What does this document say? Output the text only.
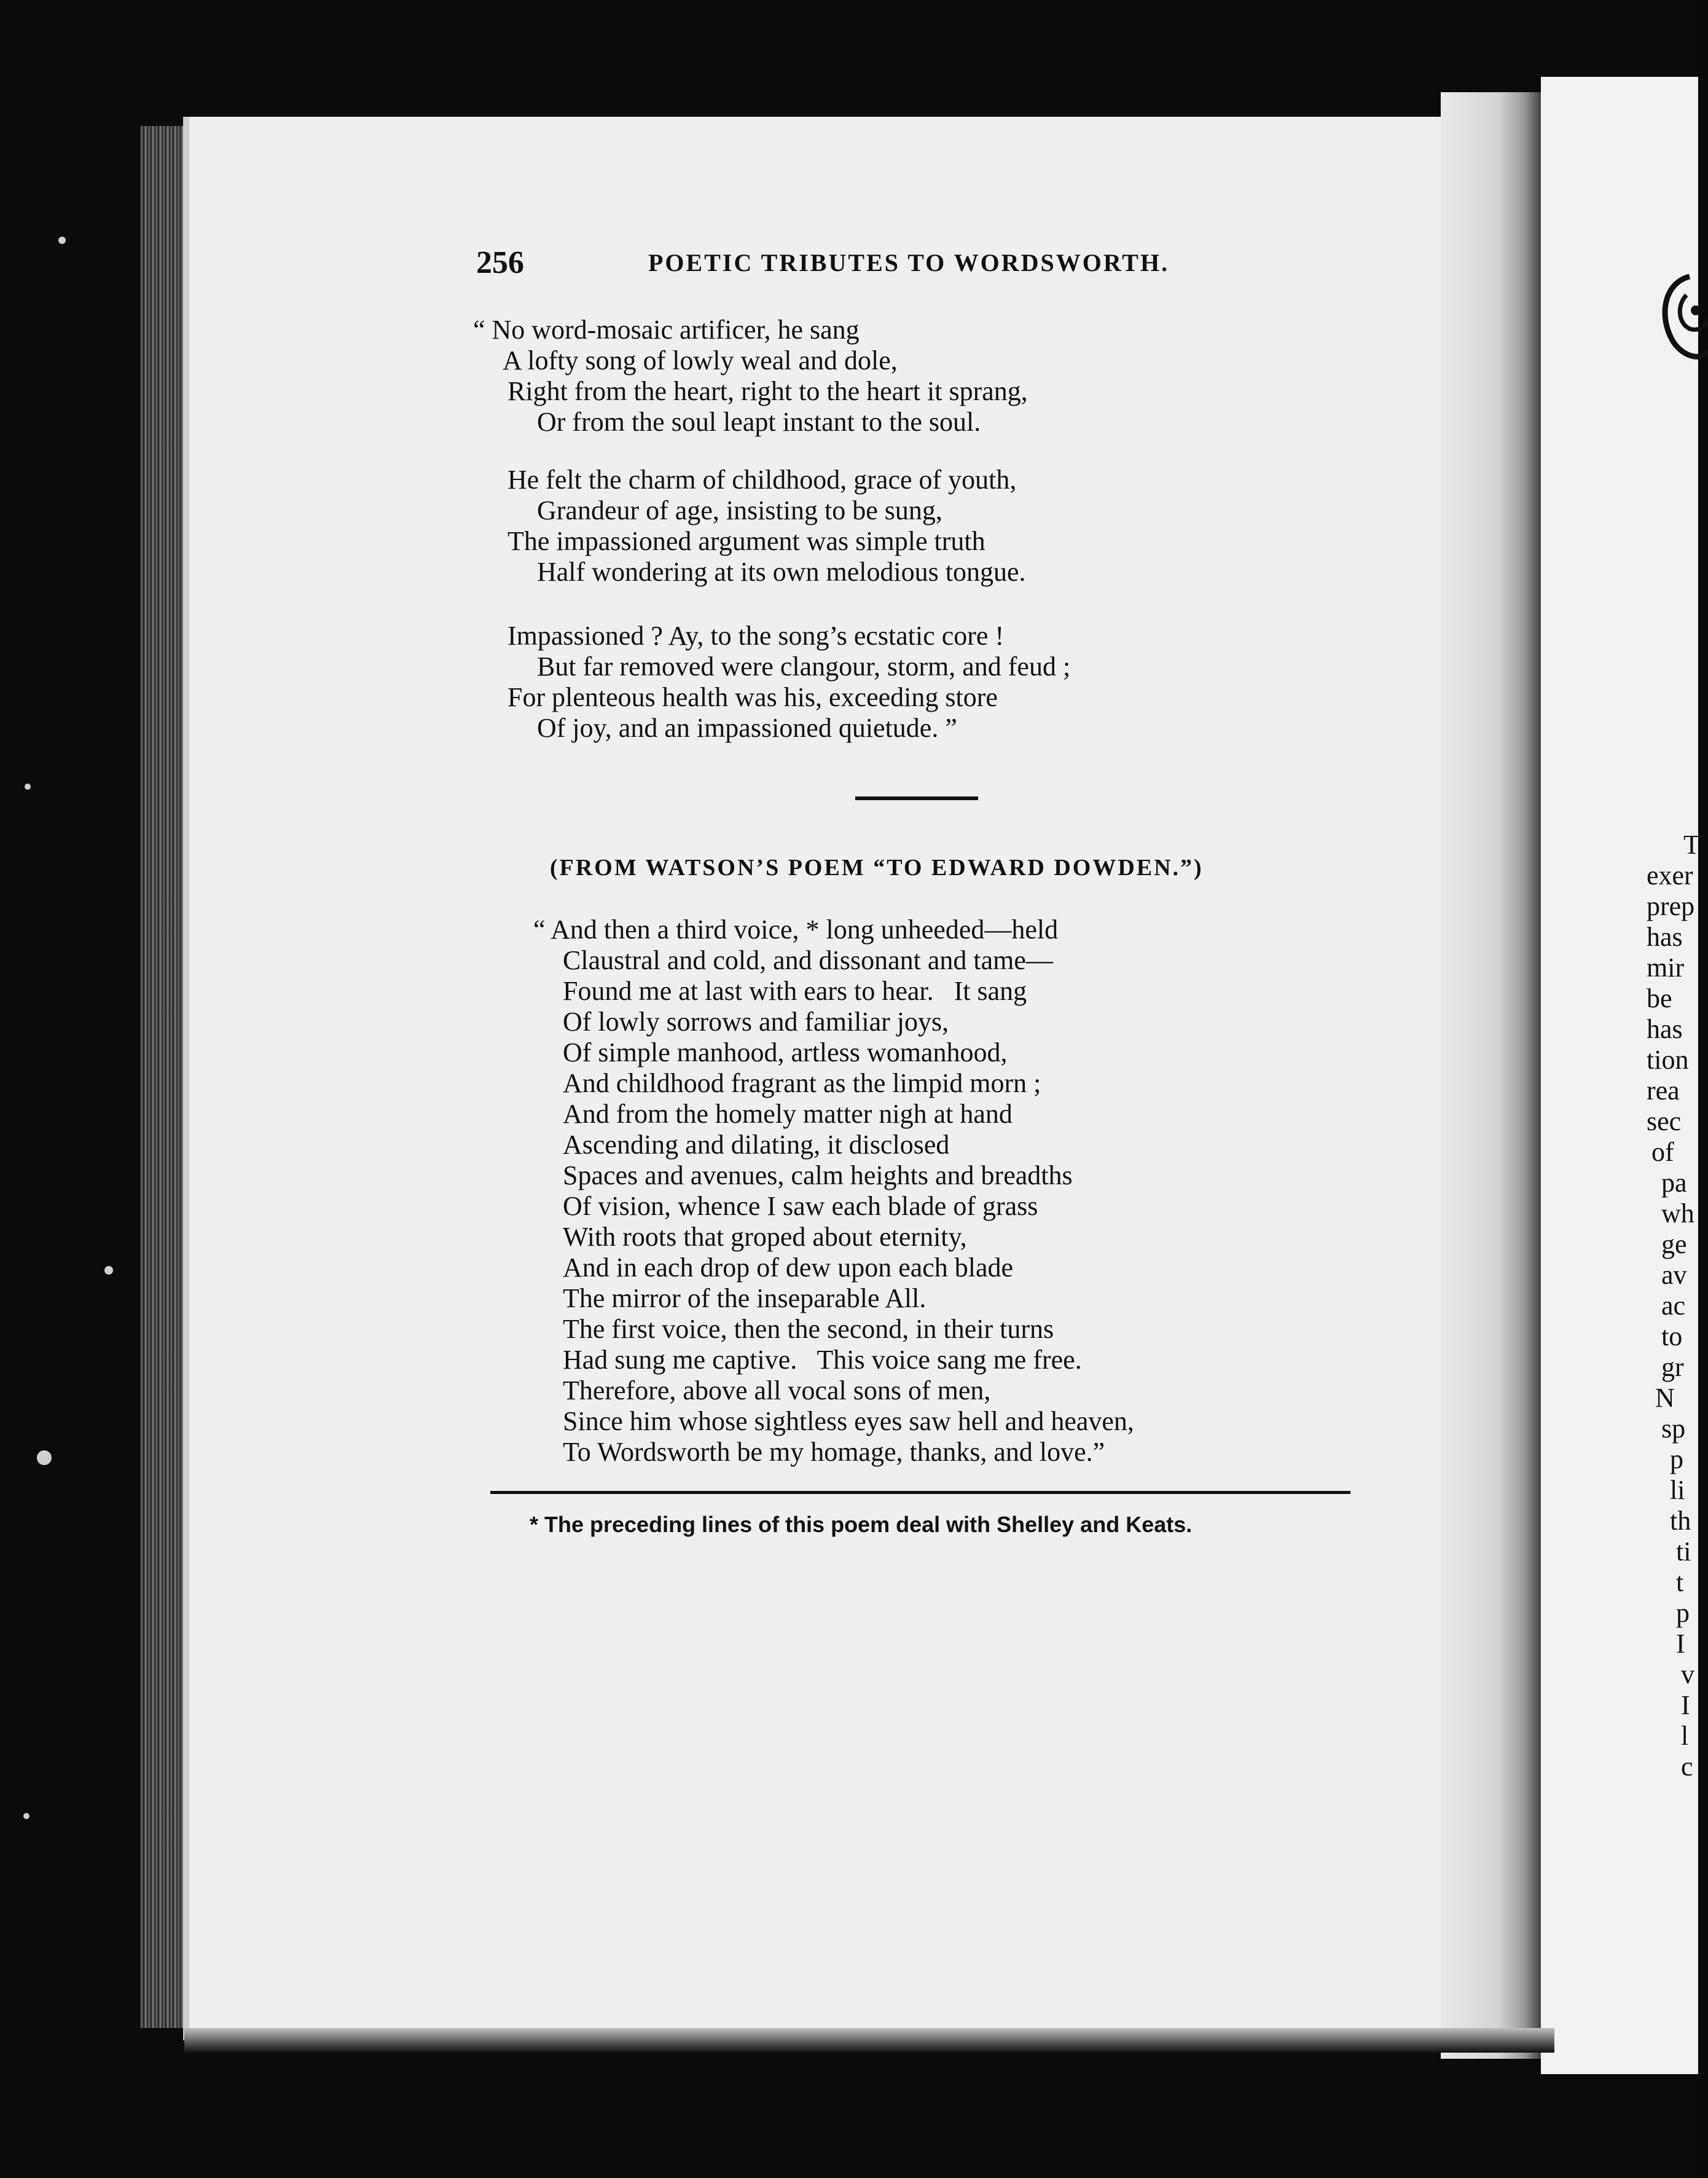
256	POETIC TRIBUTES TO WORDSWORTH.
“ No word-mosaic artificer, he sang
A lofty song of lowly weal and dole,
Right from the heart, right to the heart it sprang,
Or from the soul leapt instant to the soul.
He felt the charm of childhood, grace of youth,
Grandeur of age, insisting to be sung,
The impassioned argument was simple truth
Half wondering at its own melodious tongue.
Impassioned ? Ay, to the song’s ecstatic core !
But far removed were clangour, storm, and feud ;
For plenteous health was his, exceeding store
Of joy, and an impassioned quietude. ”
(FROM WATSON’S POEM “TO EDWARD DOWDEN.”)
“ And then a third voice, * long unheeded—held
Claustral and cold, and dissonant and tame—
Found me at last with ears to hear.   It sang
Of lowly sorrows and familiar joys,
Of simple manhood, artless womanhood,
And childhood fragrant as the limpid morn ;
And from the homely matter nigh at hand
Ascending and dilating, it disclosed
Spaces and avenues, calm heights and breadths
Of vision, whence I saw each blade of grass
With roots that groped about eternity,
And in each drop of dew upon each blade
The mirror of the inseparable All.
The first voice, then the second, in their turns
Had sung me captive.   This voice sang me free.
Therefore, above all vocal sons of men,
Since him whose sightless eyes saw hell and heaven,
To Wordsworth be my homage, thanks, and love.”
* The preceding lines of this poem deal with Shelley and Keats.
T
exer
prep
has
mir
be
has
tion
rea
sec
of
pa
wh
ge
av
ac
to
gr
N
sp
p
li
th
ti
t
p
I
v
I
l
c
